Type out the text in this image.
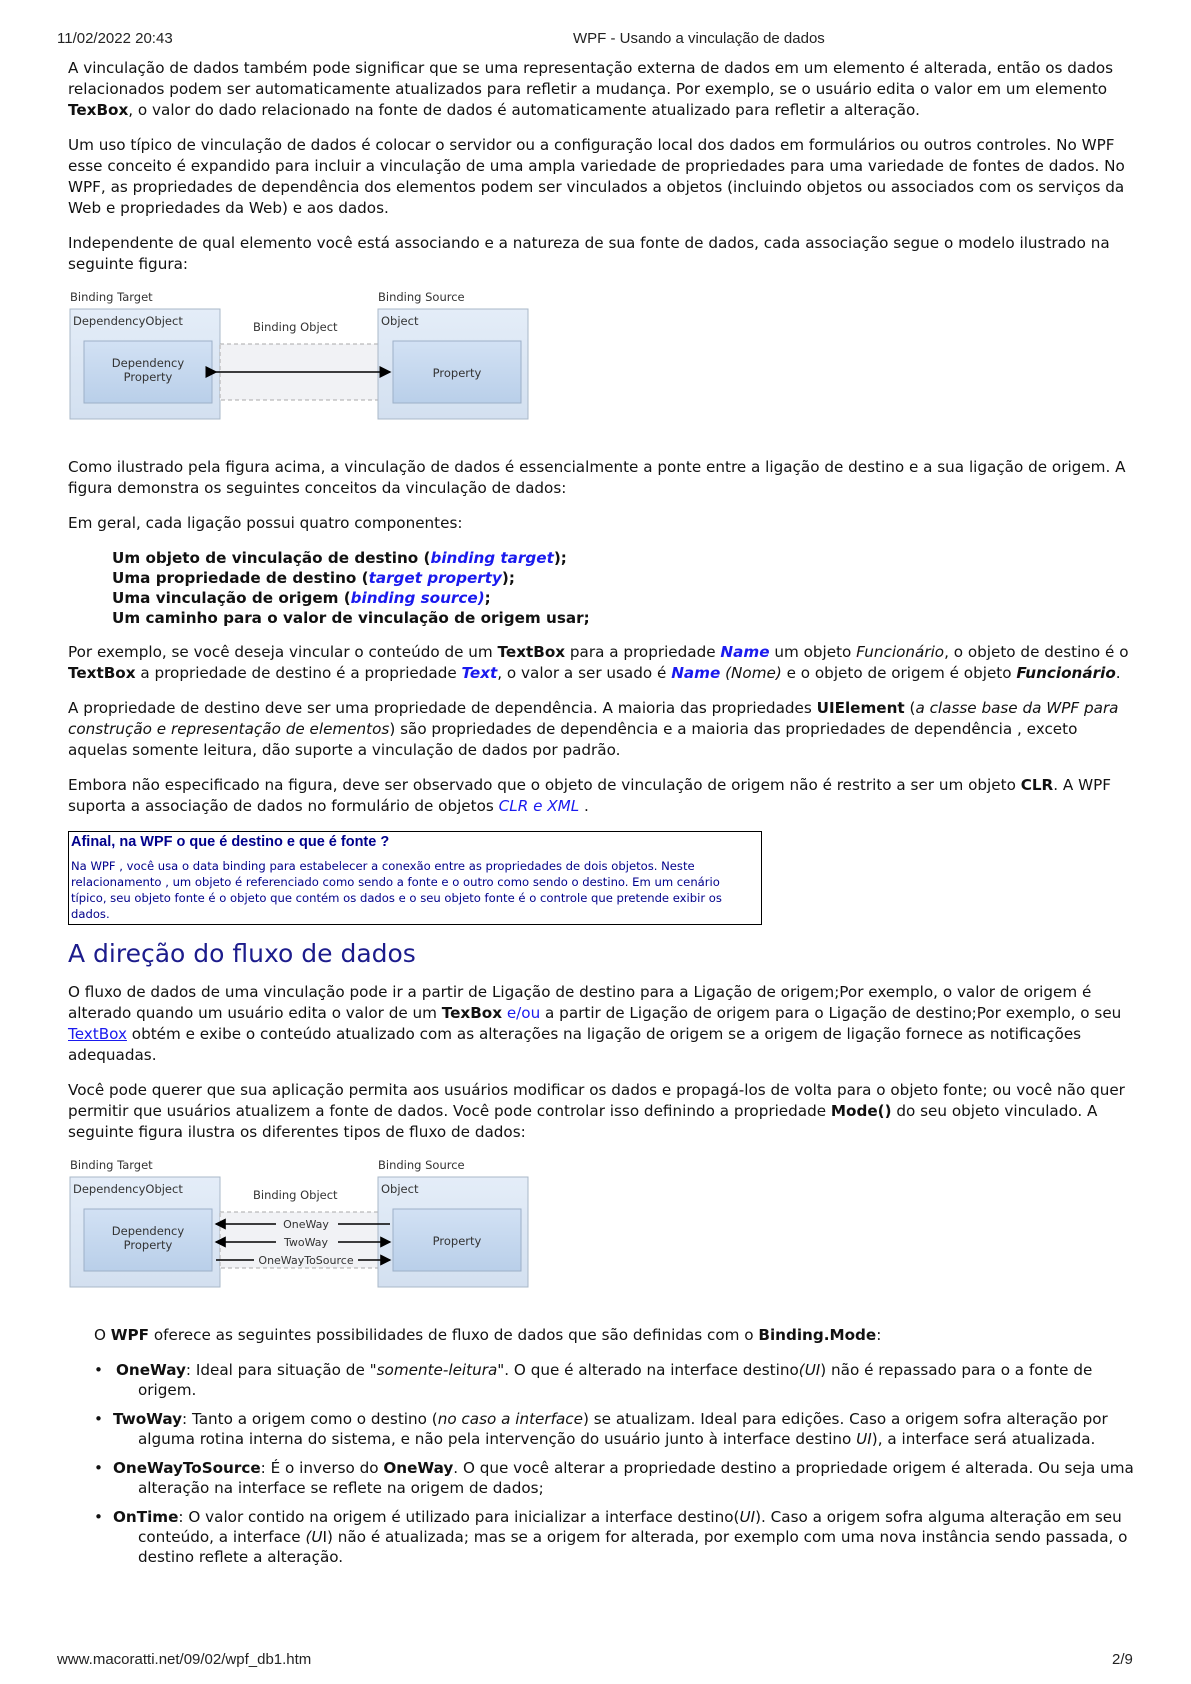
11/02/2022 20:43	WPF - Usando a vinculação de dados

A vinculação de dados também pode significar que se uma representação externa de dados em um elemento é alterada, então os dados relacionados podem ser automaticamente atualizados para refletir a mudança. Por exemplo, se o usuário edita o valor em um elemento TexBox, o valor do dado relacionado na fonte de dados é automaticamente atualizado para refletir a alteração.

Um uso típico de vinculação de dados é colocar o servidor ou a configuração local dos dados em formulários ou outros controles. No WPF esse conceito é expandido para incluir a vinculação de uma ampla variedade de propriedades para uma variedade de fontes de dados. No WPF, as propriedades de dependência dos elementos podem ser vinculados a objetos (incluindo objetos ou associados com os serviços da Web e propriedades da Web) e aos dados.

Independente de qual elemento você está associando e a natureza de sua fonte de dados, cada associação segue o modelo ilustrado na seguinte figura:

Binding Target	Binding Source
DependencyObject	Binding Object
Dependency
Property
Object
Property

Como ilustrado pela figura acima, a vinculação de dados é essencialmente a ponte entre a ligação de destino e a sua ligação de origem. A figura demonstra os seguintes conceitos da vinculação de dados:

Em geral, cada ligação possui quatro componentes:

Um objeto de vinculação de destino (binding target);
Uma propriedade de destino (target property);
Uma vinculação de origem (binding source);
Um caminho para o valor de vinculação de origem usar;

Por exemplo, se você deseja vincular o conteúdo de um TextBox para a propriedade Name um objeto Funcionário, o objeto de destino é o TextBox a propriedade de destino é a propriedade Text, o valor a ser usado é Name (Nome) e o objeto de origem é objeto Funcionário.

A propriedade de destino deve ser uma propriedade de dependência. A maioria das propriedades UIElement (a classe base da WPF para construção e representação de elementos) são propriedades de dependência e a maioria das propriedades de dependência , exceto aquelas somente leitura, dão suporte a vinculação de dados por padrão.

Embora não especificado na figura, deve ser observado que o objeto de vinculação de origem não é restrito a ser um objeto CLR. A WPF suporta a associação de dados no formulário de objetos CLR e XML .

Afinal, na WPF o que é destino e que é fonte ?
Na WPF , você usa o data binding para estabelecer a conexão entre as propriedades de dois objetos. Neste relacionamento , um objeto é referenciado como sendo a fonte e o outro como sendo o destino. Em um cenário típico, seu objeto fonte é o objeto que contém os dados e o seu objeto fonte é o controle que pretende exibir os dados.
A direção do fluxo de dados

O fluxo de dados de uma vinculação pode ir a partir de Ligação de destino para a Ligação de origem;Por exemplo, o valor de origem é alterado quando um usuário edita o valor de um TexBox e/ou a partir de Ligação de origem para o Ligação de destino;Por exemplo, o seu TextBox obtém e exibe o conteúdo atualizado com as alterações na ligação de origem se a origem de ligação fornece as notificações adequadas.

Você pode querer que sua aplicação permita aos usuários modificar os dados e propagá-los de volta para o objeto fonte; ou você não quer permitir que usuários atualizem a fonte de dados. Você pode controlar isso definindo a propriedade Mode() do seu objeto vinculado. A seguinte figura ilustra os diferentes tipos de fluxo de dados:

Binding Target	Binding Source
DependencyObject	Binding Object
Dependency
Property
Object
Property
OneWay
TwoWay
OneWayToSource

O WPF oferece as seguintes possibilidades de fluxo de dados que são definidas com o Binding.Mode:

• OneWay: Ideal para situação de "somente-leitura". O que é alterado na interface destino(UI) não é repassado para o a fonte de origem.
• TwoWay: Tanto a origem como o destino (no caso a interface) se atualizam. Ideal para edições. Caso a origem sofra alteração por alguma rotina interna do sistema, e não pela intervenção do usuário junto à interface destino UI), a interface será atualizada.
• OneWayToSource: É o inverso do OneWay. O que você alterar a propriedade destino a propriedade origem é alterada. Ou seja uma alteração na interface se reflete na origem de dados;
• OnTime: O valor contido na origem é utilizado para inicializar a interface destino(UI). Caso a origem sofra alguma alteração em seu conteúdo, a interface (UI) não é atualizada; mas se a origem for alterada, por exemplo com uma nova instância sendo passada, o destino reflete a alteração.
www.macoratti.net/09/02/wpf_db1.htm	2/9
